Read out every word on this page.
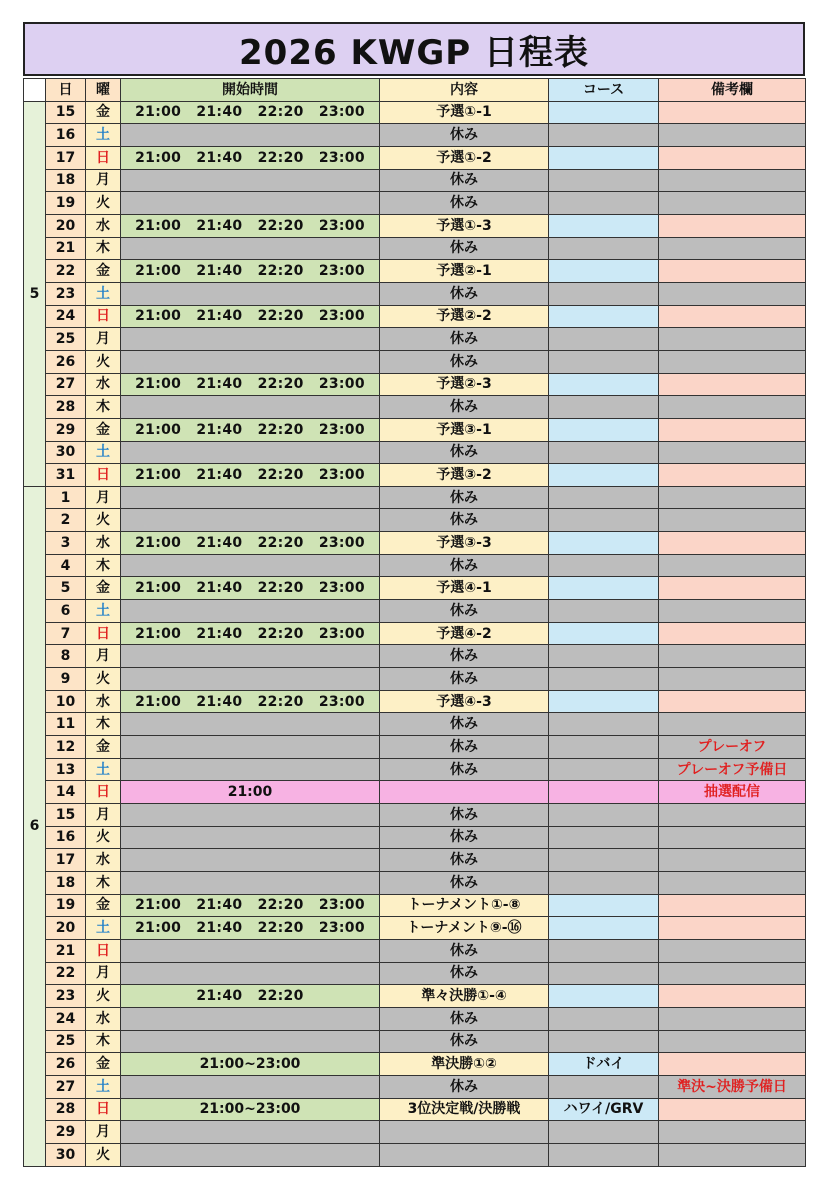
2026 KWGP 日程表
	日	曜	開始時間	内容	コース	備考欄
5	15	金	21:00 21:40 22:20 23:00	予選①-1		
	16	土		休み		
	17	日	21:00 21:40 22:20 23:00	予選①-2		
	18	月		休み		
	19	火		休み		
	20	水	21:00 21:40 22:20 23:00	予選①-3		
	21	木		休み		
	22	金	21:00 21:40 22:20 23:00	予選②-1		
	23	土		休み		
	24	日	21:00 21:40 22:20 23:00	予選②-2		
	25	月		休み		
	26	火		休み		
	27	水	21:00 21:40 22:20 23:00	予選②-3		
	28	木		休み		
	29	金	21:00 21:40 22:20 23:00	予選③-1		
	30	土		休み		
	31	日	21:00 21:40 22:20 23:00	予選③-2		
6	1	月		休み		
	2	火		休み		
	3	水	21:00 21:40 22:20 23:00	予選③-3		
	4	木		休み		
	5	金	21:00 21:40 22:20 23:00	予選④-1		
	6	土		休み		
	7	日	21:00 21:40 22:20 23:00	予選④-2		
	8	月		休み		
	9	火		休み		
	10	水	21:00 21:40 22:20 23:00	予選④-3		
	11	木		休み		
	12	金		休み		プレーオフ
	13	土		休み		プレーオフ予備日
	14	日	21:00			抽選配信
	15	月		休み		
	16	火		休み		
	17	水		休み		
	18	木		休み		
	19	金	21:00 21:40 22:20 23:00	トーナメント①-⑧		
	20	土	21:00 21:40 22:20 23:00	トーナメント⑨-⑯		
	21	日		休み		
	22	月		休み		
	23	火	21:40 22:20	準々決勝①-④		
	24	水		休み		
	25	木		休み		
	26	金	21:00~23:00	準決勝①②	ドバイ	
	27	土		休み		準決~決勝予備日
	28	日	21:00~23:00	3位決定戦/決勝戦	ハワイ/GRV	
	29	月				
	30	火				
